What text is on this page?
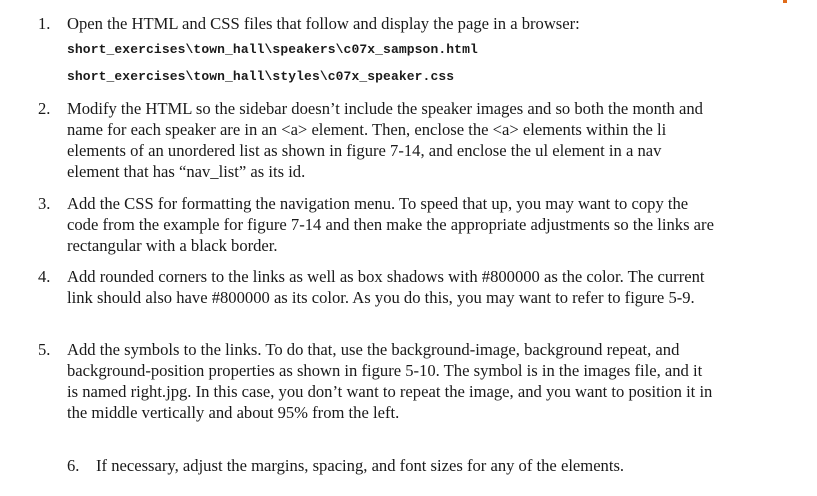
1. Open the HTML and CSS files that follow and display the page in a browser:
short_exercises\town_hall\speakers\c07x_sampson.html
short_exercises\town_hall\styles\c07x_speaker.css
2. Modify the HTML so the sidebar doesn’t include the speaker images and so both the month and name for each speaker are in an <a> element. Then, enclose the <a> elements within the li elements of an unordered list as shown in figure 7-14, and enclose the ul element in a nav element that has “nav_list” as its id.
3. Add the CSS for formatting the navigation menu. To speed that up, you may want to copy the code from the example for figure 7-14 and then make the appropriate adjustments so the links are rectangular with a black border.
4. Add rounded corners to the links as well as box shadows with #800000 as the color. The current link should also have #800000 as its color. As you do this, you may want to refer to figure 5-9.
5. Add the symbols to the links. To do that, use the background-image, background repeat, and background-position properties as shown in figure 5-10. The symbol is in the images file, and it is named right.jpg. In this case, you don’t want to repeat the image, and you want to position it in the middle vertically and about 95% from the left.
6. If necessary, adjust the margins, spacing, and font sizes for any of the elements.
